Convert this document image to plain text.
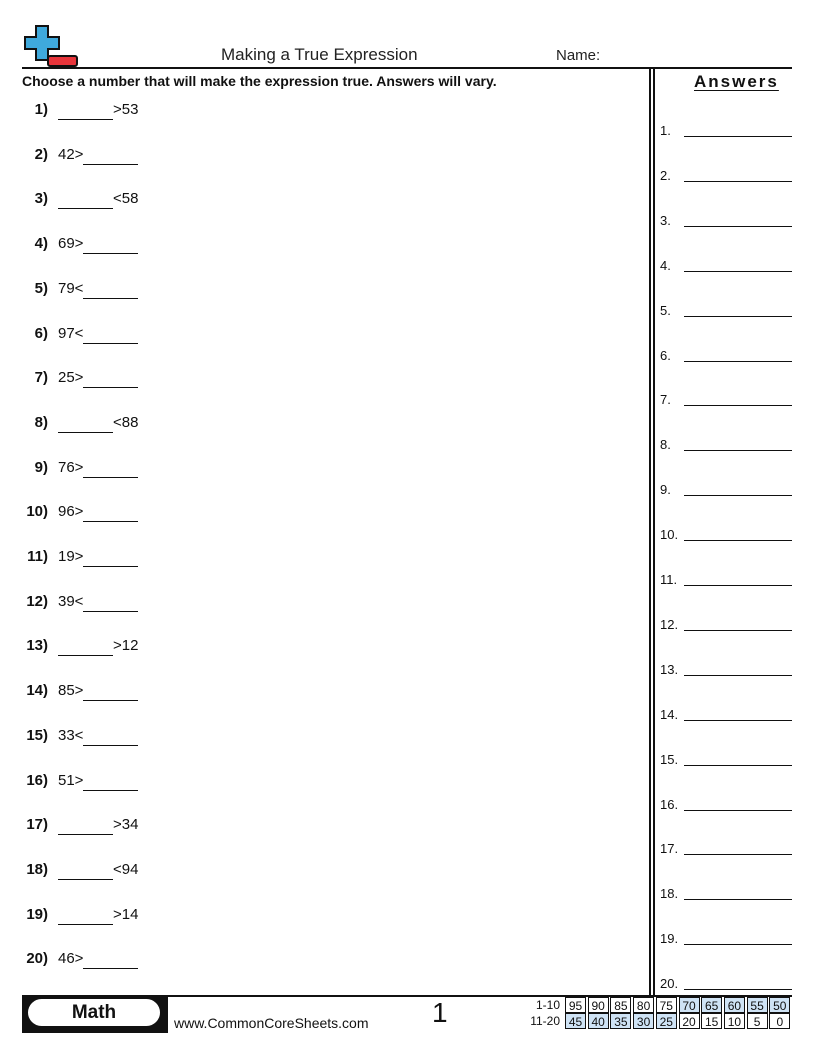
Making a True Expression	Name:
Choose a number that will make the expression true. Answers will vary.
1)	>53
2) 42>
3)	<58
4) 69>
5) 79<
6) 97<
7) 25>
8)	<88
9) 76>
10) 96>
11) 19>
12) 39<
13)	>12
14) 85>
15) 33<
16) 51>
17)	>34
18)	<94
19)	>14
20) 46>
Answers
1.
2.
3.
4.
5.
6.
7.
8.
9.
10.
11.
12.
13.
14.
15.
16.
17.
18.
19.
20.
Math	www.CommonCoreSheets.com 1	1-10 95 90 85 80 75 70 65 60 55 50
11-20 45 40 35 30 25 20 15 10	5	0
